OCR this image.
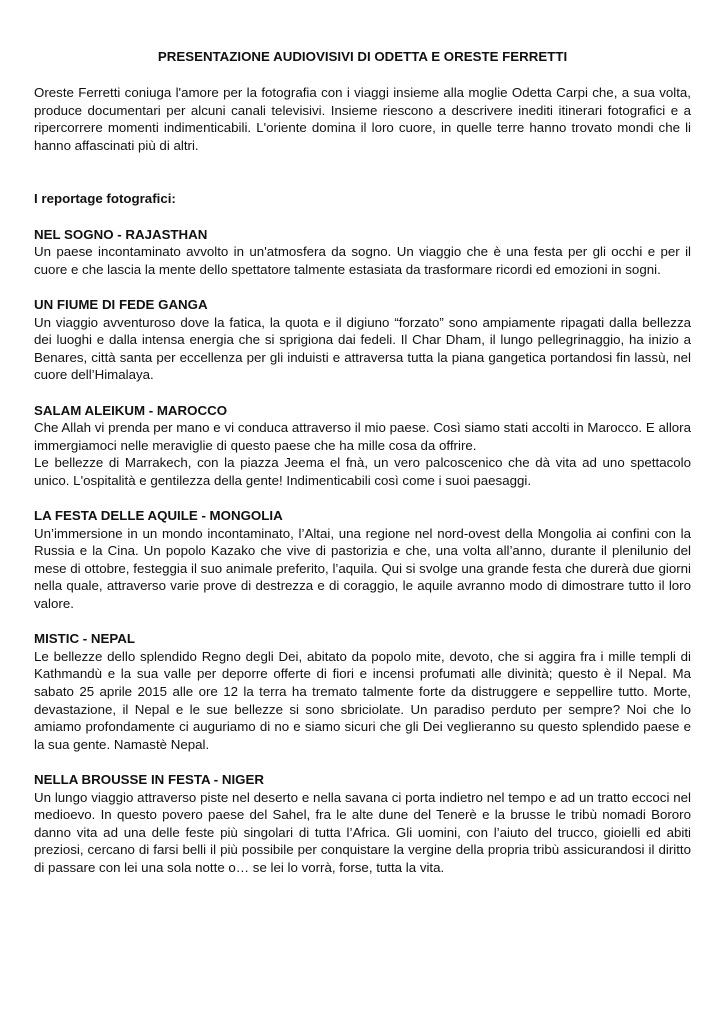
PRESENTAZIONE AUDIOVISIVI DI ODETTA E ORESTE FERRETTI

Oreste Ferretti coniuga l'amore per la fotografia con i viaggi insieme alla moglie Odetta Carpi che, a sua volta, produce documentari per alcuni canali televisivi. Insieme riescono a descrivere inediti itinerari fotografici e a ripercorrere momenti indimenticabili. L'oriente domina il loro cuore, in quelle terre hanno trovato mondi che li hanno affascinati più di altri.

I reportage fotografici:

NEL SOGNO - RAJASTHAN

Un paese incontaminato avvolto in un'atmosfera da sogno. Un viaggio che è una festa per gli occhi e per il cuore e che lascia la mente dello spettatore talmente estasiata da trasformare ricordi ed emozioni in sogni.

UN FIUME DI FEDE GANGA

Un viaggio avventuroso dove la fatica, la quota e il digiuno “forzato” sono ampiamente ripagati dalla bellezza dei luoghi e dalla intensa energia che si sprigiona dai fedeli. Il Char Dham, il lungo pellegrinaggio, ha inizio a Benares, città santa per eccellenza per gli induisti e attraversa tutta la piana gangetica portandosi fin lassù, nel cuore dell’Himalaya.

SALAM ALEIKUM - MAROCCO

Che Allah vi prenda per mano e vi conduca attraverso il mio paese. Così siamo stati accolti in Marocco. E allora immergiamoci nelle meraviglie di questo paese che ha mille cosa da offrire.

Le bellezze di Marrakech, con la piazza Jeema el fnà, un vero palcoscenico che dà vita ad uno spettacolo unico. L'ospitalità e gentilezza della gente! Indimenticabili così come i suoi paesaggi.

LA FESTA DELLE AQUILE - MONGOLIA

Un’immersione in un mondo incontaminato, l’Altai, una regione nel nord-ovest della Mongolia ai confini con la Russia e la Cina. Un popolo Kazako che vive di pastorizia e che, una volta all’anno, durante il plenilunio del mese di ottobre, festeggia il suo animale preferito, l’aquila. Qui si svolge una grande festa che durerà due giorni nella quale, attraverso varie prove di destrezza e di coraggio, le aquile avranno modo di dimostrare tutto il loro valore.

MISTIC - NEPAL

Le bellezze dello splendido Regno degli Dei, abitato da popolo mite, devoto, che si aggira fra i mille templi di Kathmandù e la sua valle per deporre offerte di fiori e incensi profumati alle divinità; questo è il Nepal. Ma sabato 25 aprile 2015 alle ore 12 la terra ha tremato talmente forte da distruggere e seppellire tutto. Morte, devastazione, il Nepal e le sue bellezze si sono sbriciolate. Un paradiso perduto per sempre? Noi che lo amiamo profondamente ci auguriamo di no e siamo sicuri che gli Dei veglieranno su questo splendido paese e la sua gente. Namastè Nepal.

NELLA BROUSSE IN FESTA - NIGER

Un lungo viaggio attraverso piste nel deserto e nella savana ci porta indietro nel tempo e ad un tratto eccoci nel medioevo. In questo povero paese del Sahel, fra le alte dune del Tenerè e la brusse le tribù nomadi Bororo danno vita ad una delle feste più singolari di tutta l’Africa. Gli uomini, con l’aiuto del trucco, gioielli ed abiti preziosi, cercano di farsi belli il più possibile per conquistare la vergine della propria tribù assicurandosi il diritto di passare con lei una sola notte o… se lei lo vorrà, forse, tutta la vita.
